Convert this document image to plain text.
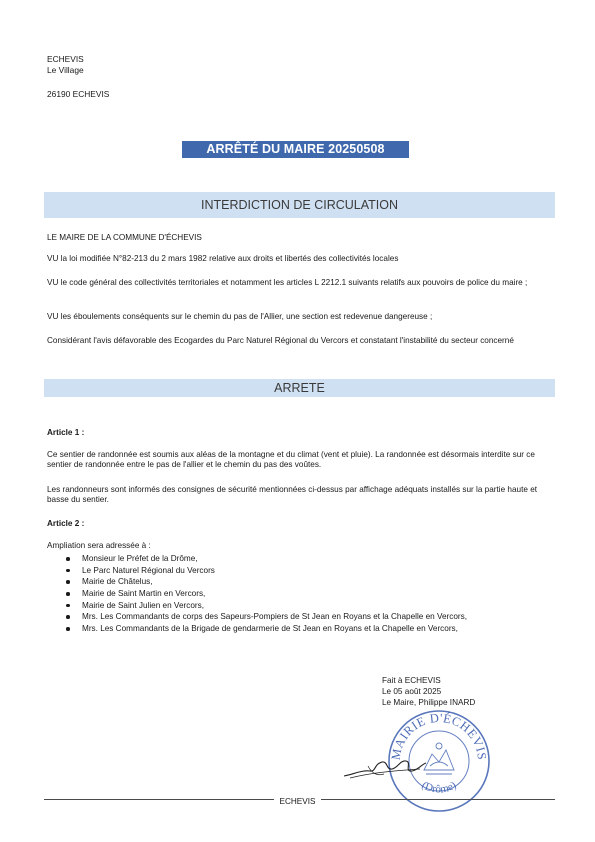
ECHEVIS
Le Village
26190 ECHEVIS
ARRÊTÉ DU MAIRE 20250508
INTERDICTION DE CIRCULATION
LE MAIRE DE LA COMMUNE D'ÉCHEVIS
VU la loi modifiée N°82-213 du 2 mars 1982 relative aux droits et libertés des collectivités locales
VU le code général des collectivités territoriales et notamment les articles L 2212.1 suivants relatifs aux pouvoirs de police du maire ;
VU les éboulements conséquents sur le chemin du pas de l'Allier, une section est redevenue dangereuse ;
Considérant l'avis défavorable des Ecogardes du Parc Naturel Régional du Vercors et constatant l'instabilité du secteur concerné
ARRETE
Article 1 :
Ce sentier de randonnée est soumis aux aléas de la montagne et du climat (vent et pluie). La randonnée est désormais interdite sur ce sentier de randonnée entre le pas de l'allier et le chemin du pas des voûtes.
Les randonneurs sont informés des consignes de sécurité mentionnées ci-dessus par affichage adéquats installés sur la partie haute et basse du sentier.
Article 2 :
Ampliation sera adressée à :
Monsieur le Préfet de la Drôme,
Le Parc Naturel Régional du Vercors
Mairie de Châtelus,
Mairie de Saint Martin en Vercors,
Mairie de Saint Julien en Vercors,
Mrs. Les Commandants de corps des Sapeurs-Pompiers de St Jean en Royans et la Chapelle en Vercors,
Mrs. Les Commandants de la Brigade de gendarmerie de St Jean en Royans et la Chapelle en Vercors,
Fait à ECHEVIS
Le 05 août 2025
Le Maire, Philippe INARD
MAIRIE D'ÉCHEVIS
(Drôme)
ECHEVIS
